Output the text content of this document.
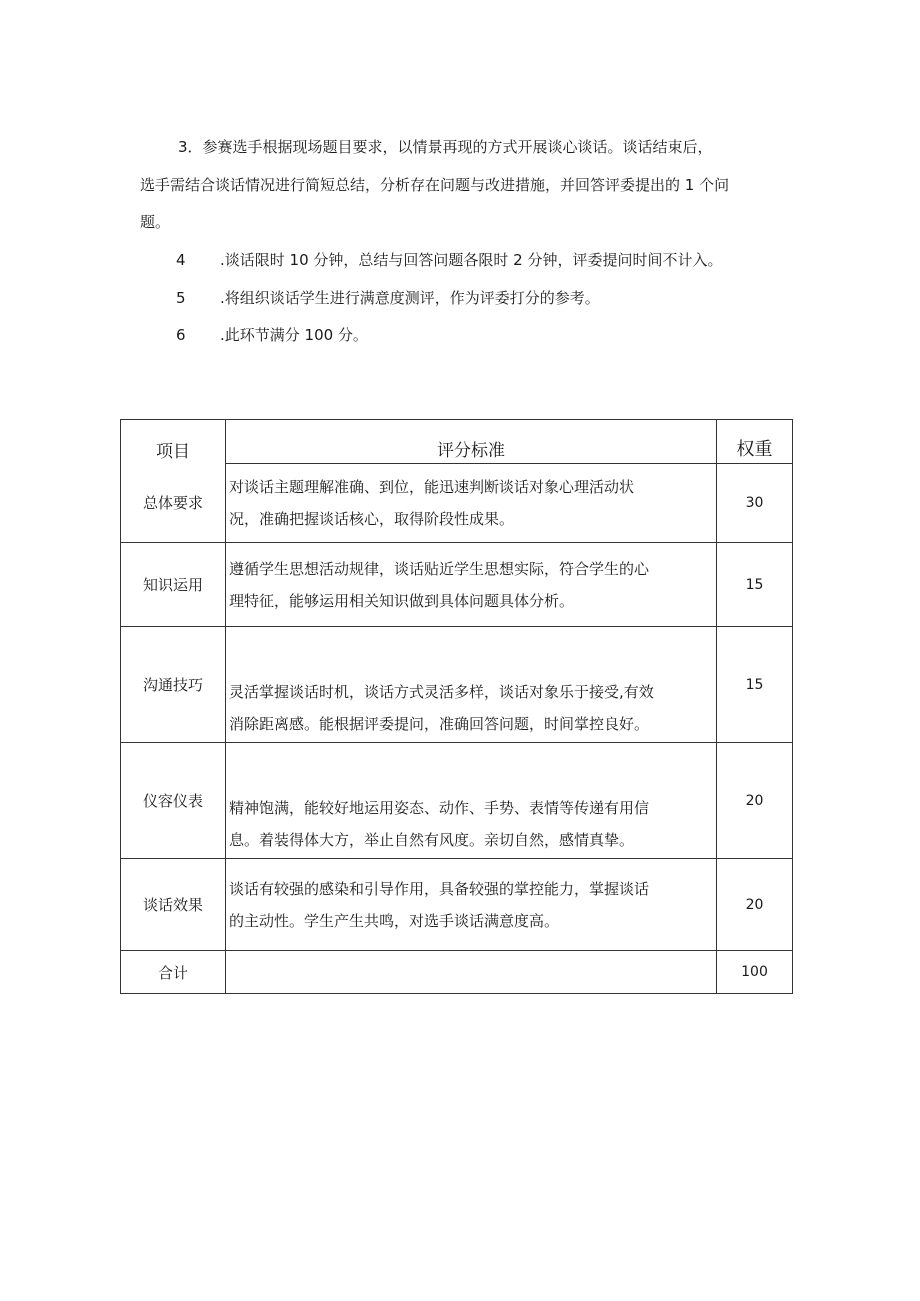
3．参赛选手根据现场题目要求，以情景再现的方式开展谈心谈话。谈话结束后，
选手需结合谈话情况进行简短总结，分析存在问题与改进措施，并回答评委提出的 1 个问
题。
4 .谈话限时 10 分钟，总结与回答问题各限时 2 分钟，评委提问时间不计入。
5 .将组织谈话学生进行满意度测评，作为评委打分的参考。
6 .此环节满分 100 分。
项目	评分标准	权重
总体要求	对谈话主题理解准确、到位，能迅速判断谈话对象心理活动状
况，准确把握谈话核心，取得阶段性成果。	30
知识运用	遵循学生思想活动规律，谈话贴近学生思想实际，符合学生的心
理特征，能够运用相关知识做到具体问题具体分析。	15
沟通技巧	灵活掌握谈话时机，谈话方式灵活多样，谈话对象乐于接受,有效
消除距离感。能根据评委提问，准确回答问题，时间掌控良好。	15
仪容仪表	精神饱满，能较好地运用姿态、动作、手势、表情等传递有用信
息。着装得体大方，举止自然有风度。亲切自然，感情真挚。	20
谈话效果	谈话有较强的感染和引导作用，具备较强的掌控能力，掌握谈话
的主动性。学生产生共鸣，对选手谈话满意度高。	20
合计		100
